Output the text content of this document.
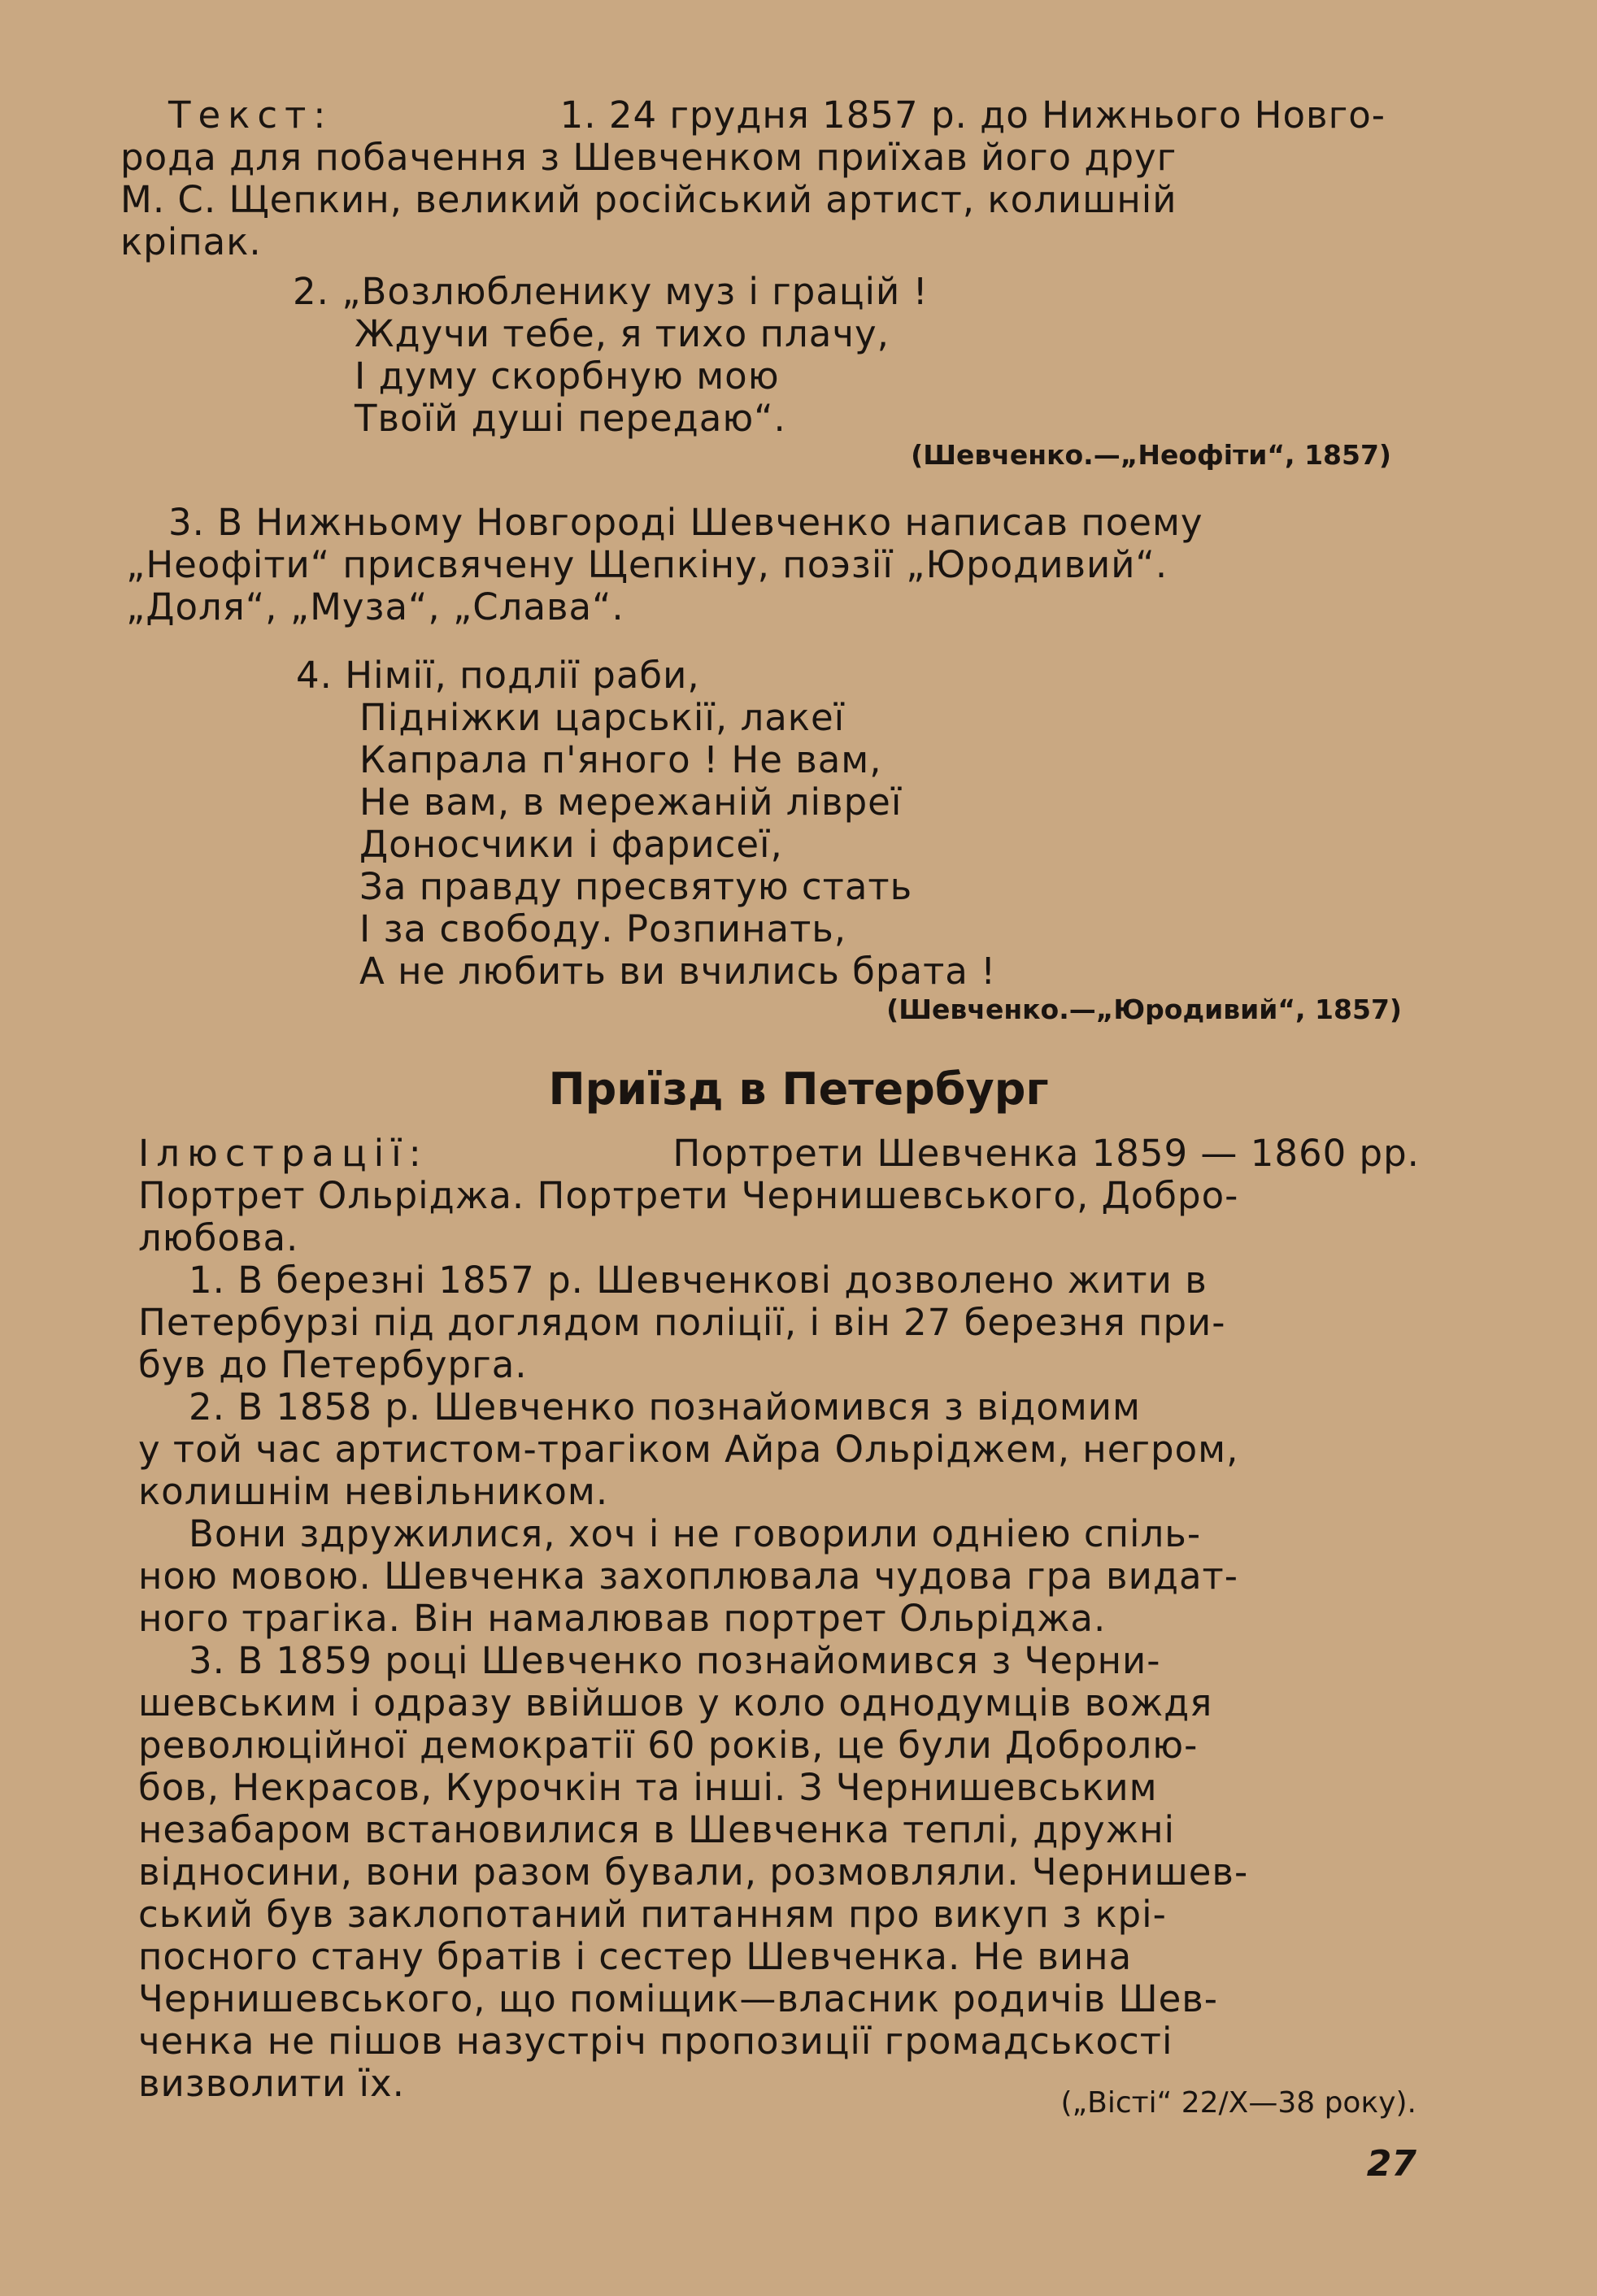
Текст:	1. 24 грудня 1857 р. до Нижнього Новго-
рода для побачення з Шевченком приїхав його друг
М. С. Щепкин, великий російський артист, колишній
кріпак.
2. „Возлюбленику муз і грацій !
Ждучи тебе, я тихо плачу,
І думу скорбную мою
Твоїй душі передаю“.
(Шевченко.—„Неофіти“, 1857)
3. В Нижньому Новгороді Шевченко написав поему
„Неофіти“ присвячену Щепкіну, поэзії „Юродивий“.
„Доля“, „Муза“, „Слава“.
4. Німії, подлії раби,
Підніжки царськії, лакеї
Капрала п'яного ! Не вам,
Не вам, в мережаній ліврeї
Доносчики і фарисеї,
За правду пресвятую стать
І за свободу. Розпинать,
А не любить ви вчились брата !
(Шевченко.—„Юродивий“, 1857)
Приїзд в Петербург
Ілюстрації:	Портрети Шевченка 1859 — 1860 рр.
Портрет Ольріджа. Портрети Чернишевського, Добро-
любова.
1. В березні 1857 р. Шевченкові дозволено жити в
Петербурзі під доглядом поліції, і він 27 березня при-
був до Петербурга.
2. В 1858 р. Шевченко познайомився з відомим
у той час артистом-трагіком Айра Ольріджем, негром,
колишнім невільником.
Вони здружилися, хоч і не говорили одніею спіль-
ною мовою. Шевченка захоплювала чудова гра видат-
ного трагіка. Він намалював портрет Ольріджа.
3. В 1859 році Шевченко познайомився з Черни-
шевським і одразу ввійшов у коло однодумців вождя
революційної демократії 60 років, це були Добролю-
бов, Некрасов, Курочкін та інші. З Чернишевським
незабаром встановилися в Шевченка теплі, дружні
відносини, вони разом бували, розмовляли. Чернишев-
ський був заклопотаний питанням про викуп з крі-
посного стану братів і сестер Шевченка. Не вина
Чернишевського, що поміщик—власник родичів Шев-
ченка не пішов назустріч пропозиції громадськості
визволити їх.	(„Вісті“ 22/X—38 року).
27
